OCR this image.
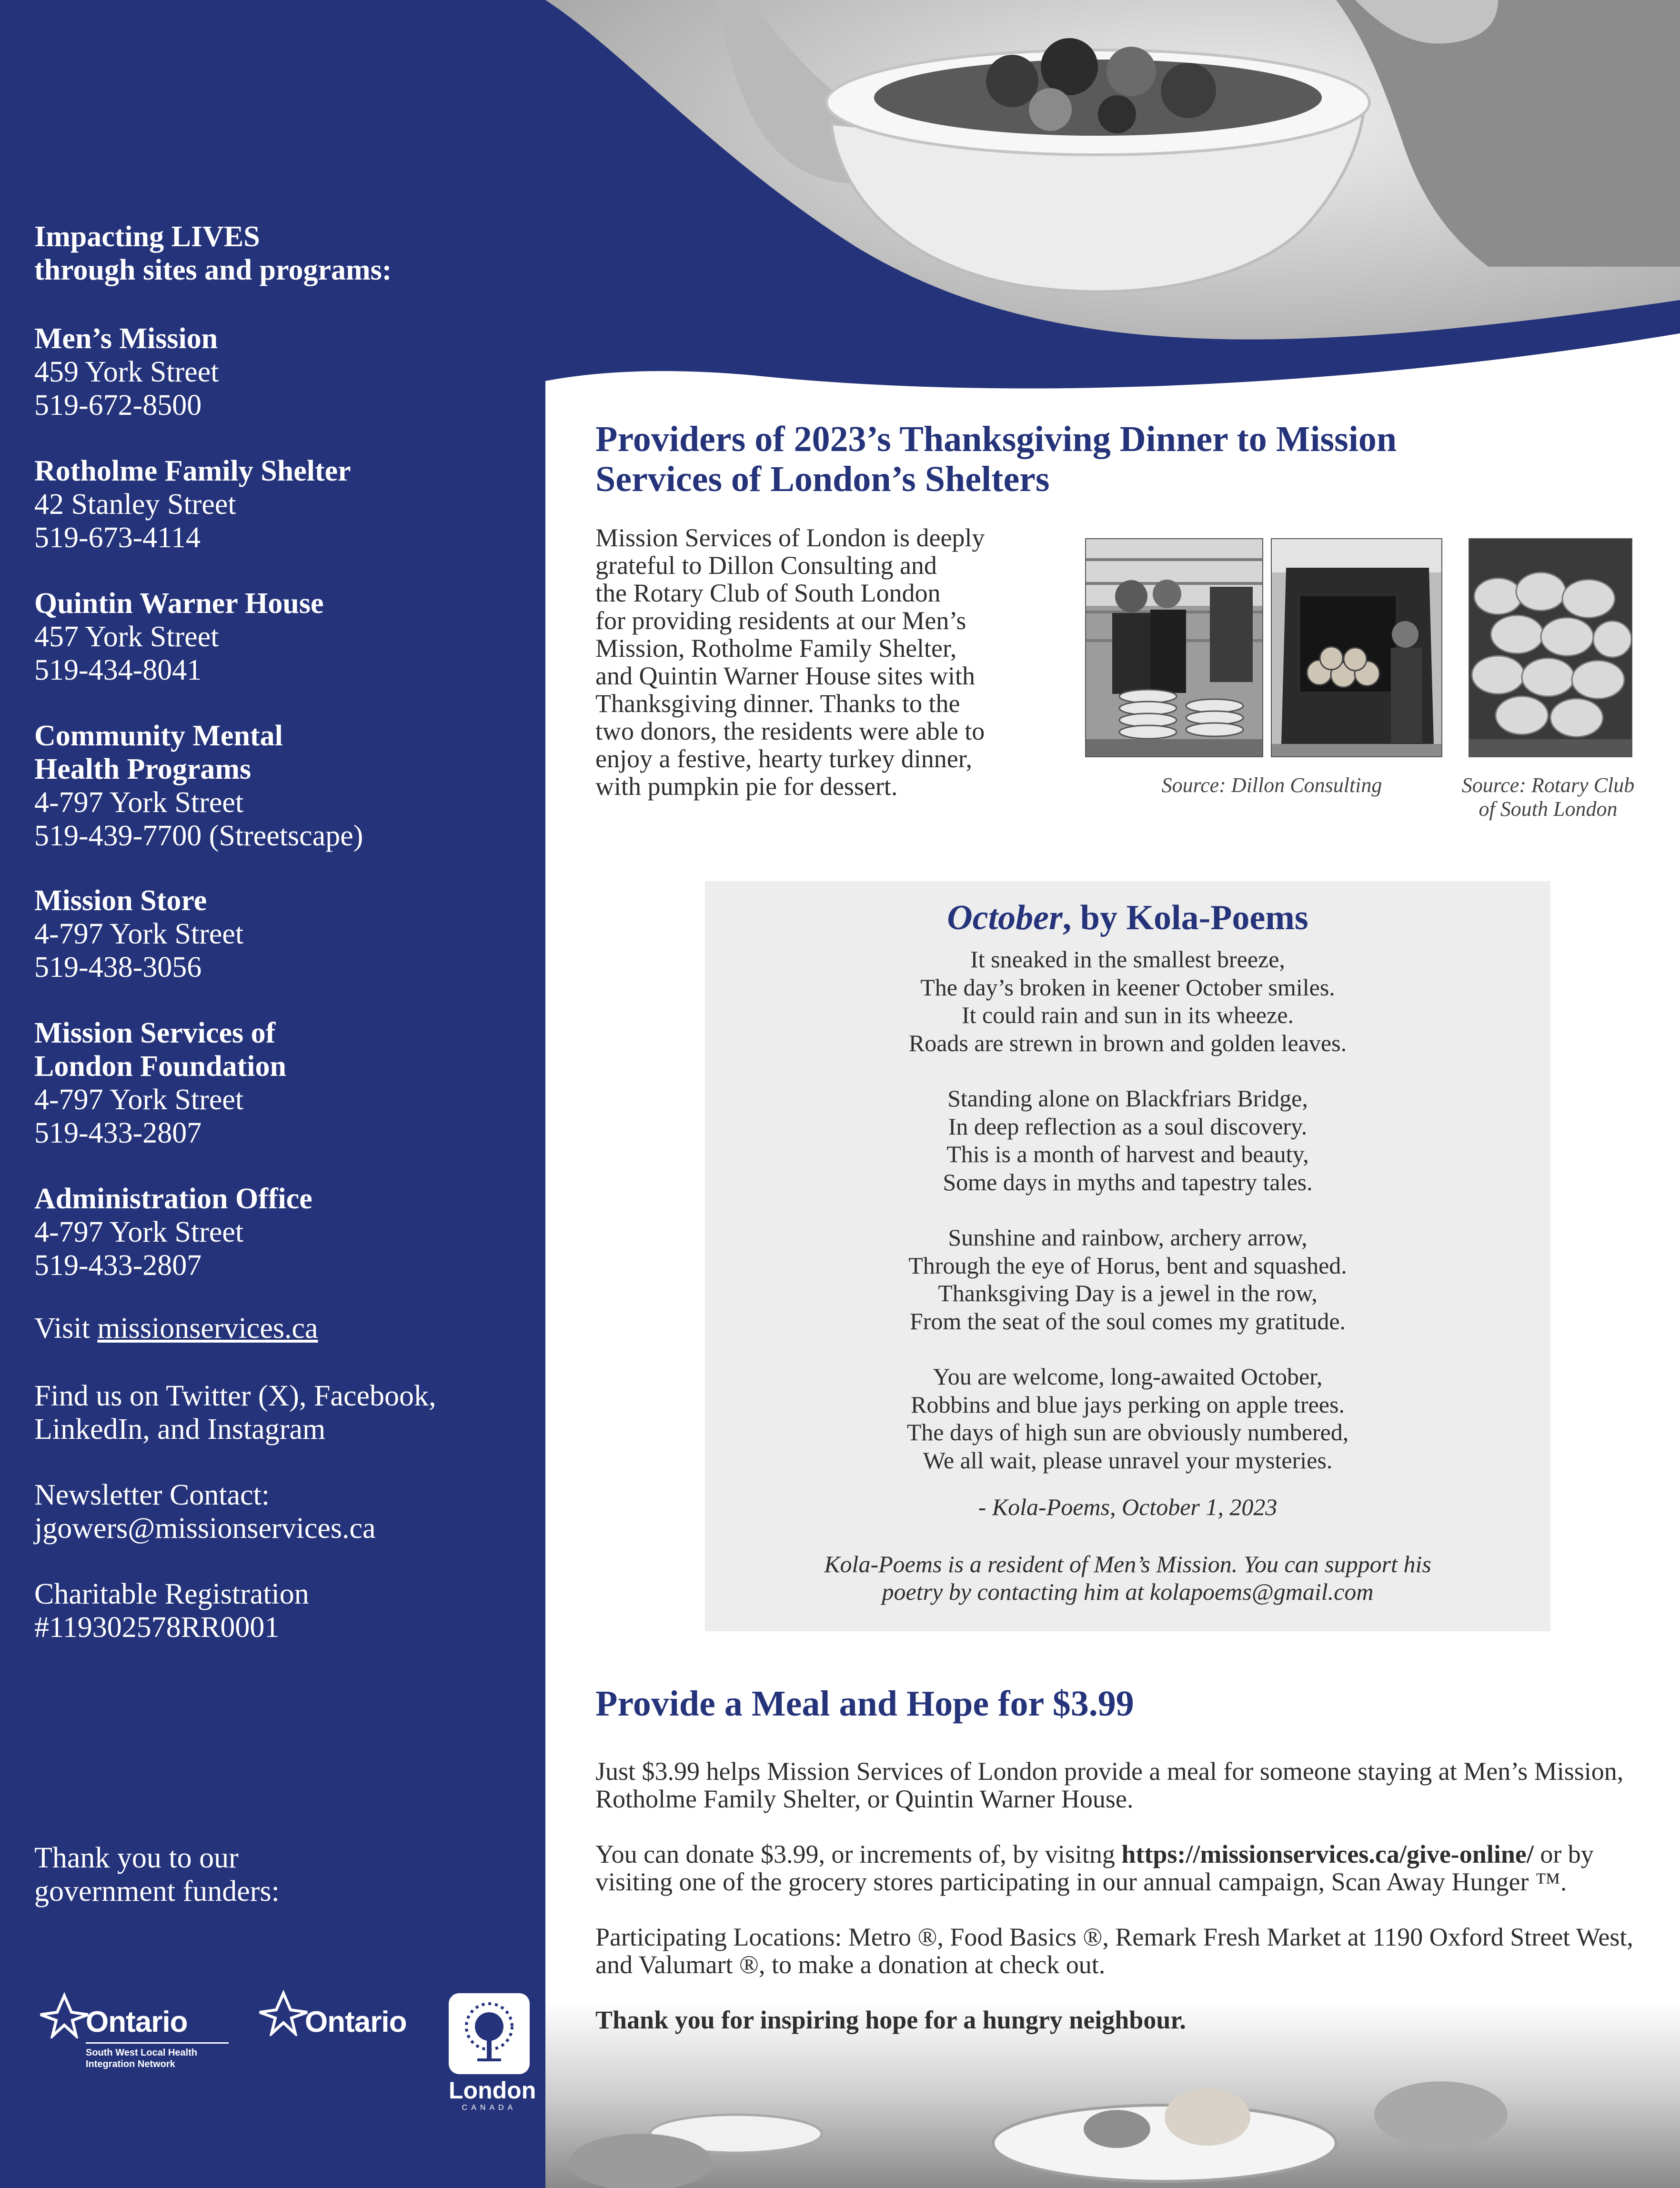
Impacting LIVES
through sites and programs:
Men’s Mission
459 York Street
519-672-8500
Rotholme Family Shelter
42 Stanley Street
519-673-4114
Quintin Warner House
457 York Street
519-434-8041
Community Mental
Health Programs
4-797 York Street
519-439-7700 (Streetscape)
Mission Store
4-797 York Street
519-438-3056
Mission Services of
London Foundation
4-797 York Street
519-433-2807
Administration Office
4-797 York Street
519-433-2807
Visit missionservices.ca
Find us on Twitter (X), Facebook,
LinkedIn, and Instagram
Newsletter Contact:
jgowers@missionservices.ca
Charitable Registration
#119302578RR0001
Thank you to our
government funders:
Ontario
South West Local Health
Integration Network
Ontario
London
CANADA
Providers of 2023’s Thanksgiving Dinner to Mission
Services of London’s Shelters
Mission Services of London is deeply
grateful to Dillon Consulting and
the Rotary Club of South London
for providing residents at our Men’s
Mission, Rotholme Family Shelter,
and Quintin Warner House sites with
Thanksgiving dinner. Thanks to the
two donors, the residents were able to
enjoy a festive, hearty turkey dinner,
with pumpkin pie for dessert.	Source: Dillon Consulting	Source: Rotary Club
of South London
October, by Kola-Poems
It sneaked in the smallest breeze,
The day’s broken in keener October smiles.
It could rain and sun in its wheeze.
Roads are strewn in brown and golden leaves.
Standing alone on Blackfriars Bridge,
In deep reflection as a soul discovery.
This is a month of harvest and beauty,
Some days in myths and tapestry tales.
Sunshine and rainbow, archery arrow,
Through the eye of Horus, bent and squashed.
Thanksgiving Day is a jewel in the row,
From the seat of the soul comes my gratitude.
You are welcome, long-awaited October,
Robbins and blue jays perking on apple trees.
The days of high sun are obviously numbered,
We all wait, please unravel your mysteries.
- Kola-Poems, October 1, 2023
Kola-Poems is a resident of Men’s Mission. You can support his
poetry by contacting him at kolapoems@gmail.com
Provide a Meal and Hope for $3.99

Just $3.99 helps Mission Services of London provide a meal for someone staying at Men’s Mission, Rotholme Family Shelter, or Quintin Warner House.

You can donate $3.99, or increments of, by visitng https://missionservices.ca/give-online/ or by visiting one of the grocery stores participating in our annual campaign, Scan Away Hunger ™.

Participating Locations: Metro ®, Food Basics ®, Remark Fresh Market at 1190 Oxford Street West, and Valumart ®, to make a donation at check out.

Thank you for inspiring hope for a hungry neighbour.
